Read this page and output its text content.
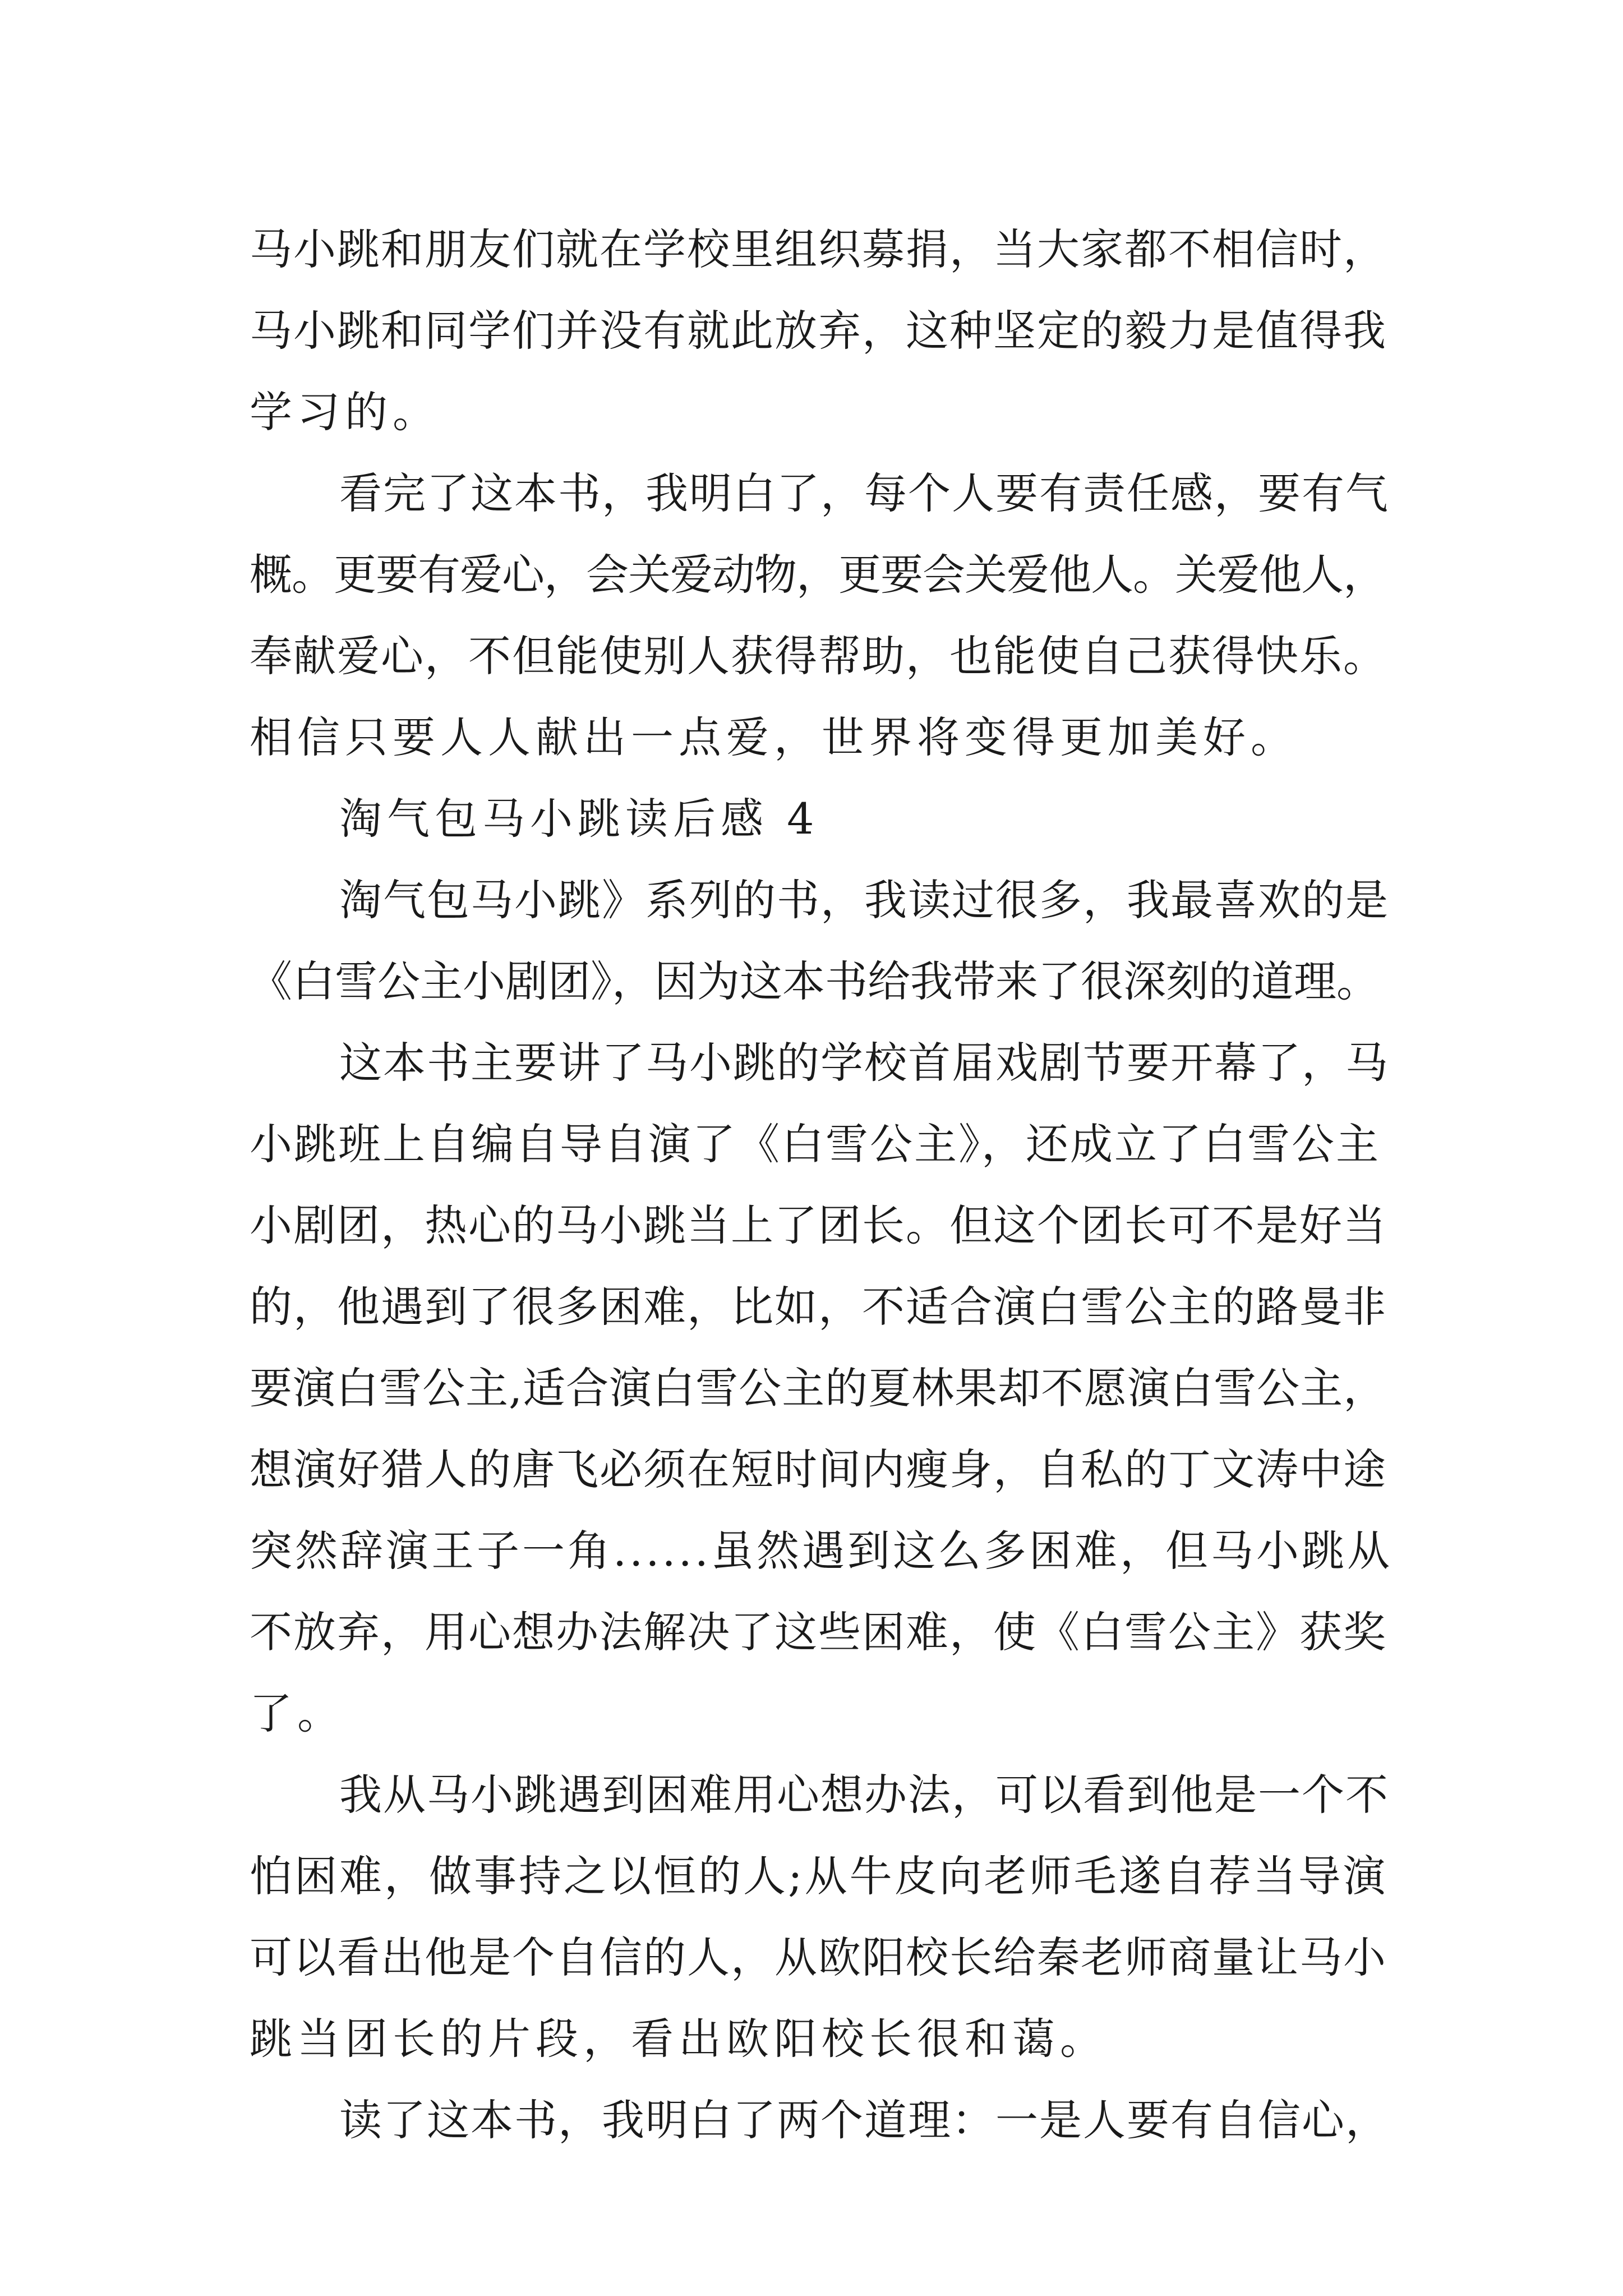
马小跳和朋友们就在学校里组织募捐，当大家都不相信时，
马小跳和同学们并没有就此放弃，这种坚定的毅力是值得我
学习的。
看完了这本书，我明白了，每个人要有责任感，要有气
概。更要有爱心，会关爱动物，更要会关爱他人。关爱他人，
奉献爱心，不但能使别人获得帮助，也能使自己获得快乐。
相信只要人人献出一点爱，世界将变得更加美好。
淘气包马小跳读后感 4
淘气包马小跳》系列的书，我读过很多，我最喜欢的是
《白雪公主小剧团》，因为这本书给我带来了很深刻的道理。
这本书主要讲了马小跳的学校首届戏剧节要开幕了，马
小跳班上自编自导自演了《白雪公主》，还成立了白雪公主
小剧团，热心的马小跳当上了团长。但这个团长可不是好当
的，他遇到了很多困难，比如，不适合演白雪公主的路曼非
要演白雪公主,适合演白雪公主的夏林果却不愿演白雪公主，
想演好猎人的唐飞必须在短时间内瘦身，自私的丁文涛中途
突然辞演王子一角......虽然遇到这么多困难，但马小跳从
不放弃，用心想办法解决了这些困难，使《白雪公主》获奖
了。
我从马小跳遇到困难用心想办法，可以看到他是一个不
怕困难，做事持之以恒的人;从牛皮向老师毛遂自荐当导演
可以看出他是个自信的人，从欧阳校长给秦老师商量让马小
跳当团长的片段，看出欧阳校长很和蔼。
读了这本书，我明白了两个道理：一是人要有自信心，
